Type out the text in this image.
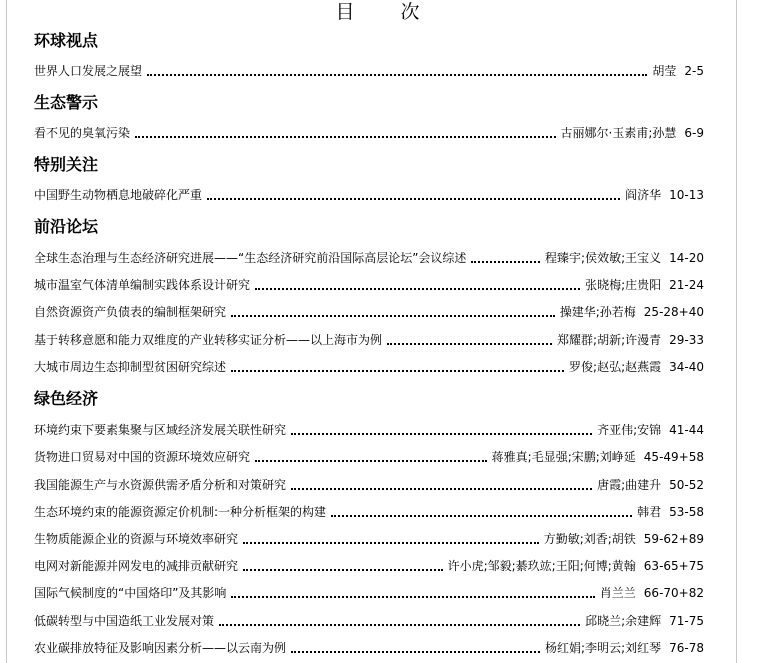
目 次
环球视点
世界人口发展之展望	胡莹 2-5
生态警示
看不见的臭氧污染	古丽娜尔·玉素甫;孙慧 6-9
特别关注
中国野生动物栖息地破碎化严重	阎济华 10-13
前沿论坛
全球生态治理与生态经济研究进展——“生态经济研究前沿国际高层论坛”会议综述	程臻宇;侯效敏;王宝义 14-20
城市温室气体清单编制实践体系设计研究	张晓梅;庄贵阳 21-24
自然资源资产负债表的编制框架研究	操建华;孙若梅 25-28+40
基于转移意愿和能力双维度的产业转移实证分析——以上海市为例	郑耀群;胡新;许漫青 29-33
大城市周边生态抑制型贫困研究综述	罗俊;赵弘;赵燕霞 34-40
绿色经济
环境约束下要素集聚与区域经济发展关联性研究	齐亚伟;安锦 41-44
货物进口贸易对中国的资源环境效应研究	蒋雅真;毛显强;宋鹏;刘峥延 45-49+58
我国能源生产与水资源供需矛盾分析和对策研究	唐霞;曲建升 50-52
生态环境约束的能源资源定价机制:一种分析框架的构建	韩君 53-58
生物质能源企业的资源与环境效率研究	方勤敏;刘香;胡铁 59-62+89
电网对新能源并网发电的减排贡献研究	许小虎;邹毅;綦玖竑;王阳;何博;黄翰 63-65+75
国际气候制度的“中国烙印”及其影响	肖兰兰 66-70+82
低碳转型与中国造纸工业发展对策	邱晓兰;余建辉 71-75
农业碳排放特征及影响因素分析——以云南为例	杨红娟;李明云;刘红琴 76-78
